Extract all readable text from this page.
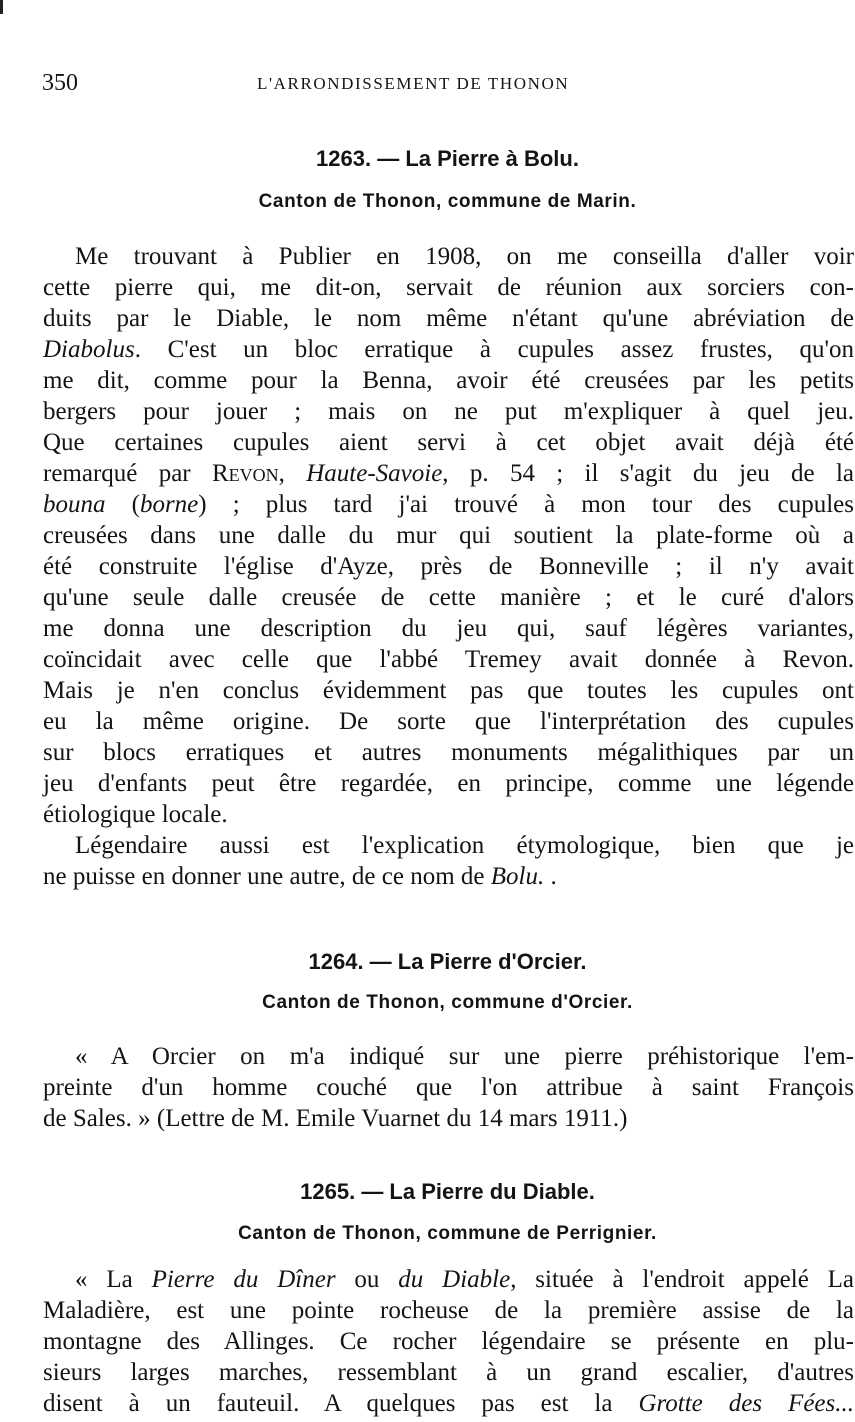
350	L'ARRONDISSEMENT DE THONON
1263. — La Pierre à Bolu.
Canton de Thonon, commune de Marin.
Me trouvant à Publier en 1908, on me conseilla d'aller voir
cette pierre qui, me dit-on, servait de réunion aux sorciers con-
duits par le Diable, le nom même n'étant qu'une abréviation de
Diabolus. C'est un bloc erratique à cupules assez frustes, qu'on
me dit, comme pour la Benna, avoir été creusées par les petits
bergers pour jouer ; mais on ne put m'expliquer à quel jeu.
Que certaines cupules aient servi à cet objet avait déjà été
remarqué par Revon, Haute-Savoie, p. 54 ; il s'agit du jeu de la
bouna (borne) ; plus tard j'ai trouvé à mon tour des cupules
creusées dans une dalle du mur qui soutient la plate-forme où a
été construite l'église d'Ayze, près de Bonneville ; il n'y avait
qu'une seule dalle creusée de cette manière ; et le curé d'alors
me donna une description du jeu qui, sauf légères variantes,
coïncidait avec celle que l'abbé Tremey avait donnée à Revon.
Mais je n'en conclus évidemment pas que toutes les cupules ont
eu la même origine. De sorte que l'interprétation des cupules
sur blocs erratiques et autres monuments mégalithiques par un
jeu d'enfants peut être regardée, en principe, comme une légende
étiologique locale.
Légendaire aussi est l'explication étymologique, bien que je
ne puisse en donner une autre, de ce nom de Bolu. .
1264. — La Pierre d'Orcier.
Canton de Thonon, commune d'Orcier.
« A Orcier on m'a indiqué sur une pierre préhistorique l'em-
preinte d'un homme couché que l'on attribue à saint François
de Sales. » (Lettre de M. Emile Vuarnet du 14 mars 1911.)
1265. — La Pierre du Diable.
Canton de Thonon, commune de Perrignier.
« La Pierre du Dîner ou du Diable, située à l'endroit appelé La
Maladière, est une pointe rocheuse de la première assise de la
montagne des Allinges. Ce rocher légendaire se présente en plu-
sieurs larges marches, ressemblant à un grand escalier, d'autres
disent à un fauteuil. A quelques pas est la Grotte des Fées...
